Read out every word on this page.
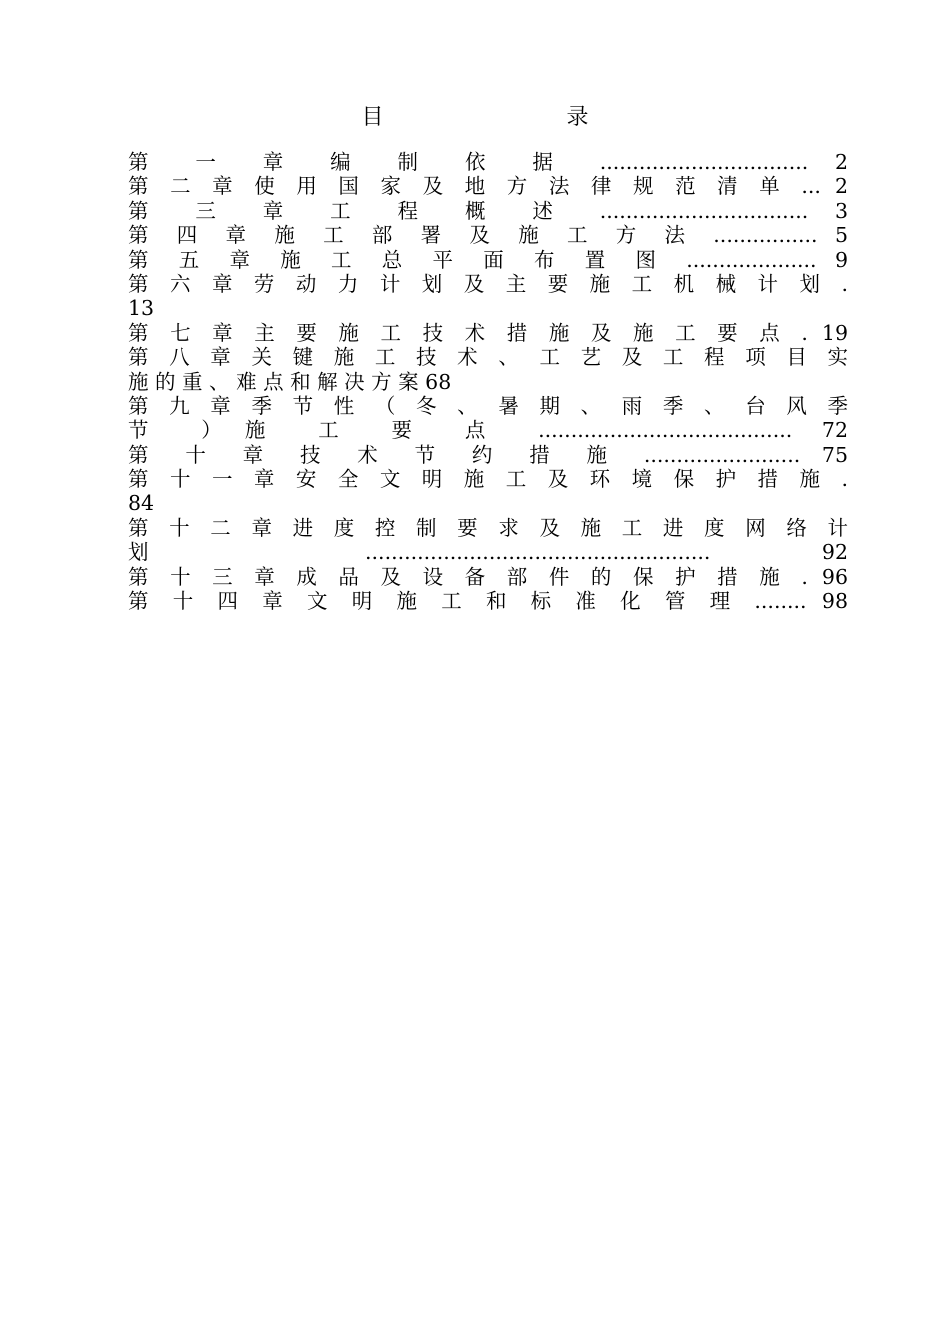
目 录
第 一 章 编 制 依 据 ................................ 2
第 二 章 使 用 国 家 及 地 方 法 律 规 范 清 单 ... 2
第 三 章 工 程 概 述 ................................ 3
第 四 章 施 工 部 署 及 施 工 方 法 ................ 5
第 五 章 施 工 总 平 面 布 置 图 .................... 9
第 六 章 劳 动 力 计 划 及 主 要 施 工 机 械 计 划 .
13
第 七 章 主 要 施 工 技 术 措 施 及 施 工 要 点 . 19
第 八 章 关 键 施 工 技 术 、 工 艺 及 工 程 项 目 实
施 的 重 、 难 点 和 解 决 方 案 68
第 九 章 季 节 性 （ 冬 、 暑 期 、 雨 季 、 台 风 季
节 ）施 工 要 点 ....................................... 72
第 十 章 技 术 节 约 措 施 ........................ 75
第 十 一 章 安 全 文 明 施 工 及 环 境 保 护 措 施 .
84
第 十 二 章 进 度 控 制 要 求 及 施 工 进 度 网 络 计
划 ..................................................... 92
第 十 三 章 成 品 及 设 备 部 件 的 保 护 措 施 . 96
第 十 四 章 文 明 施 工 和 标 准 化 管 理 ........ 98
